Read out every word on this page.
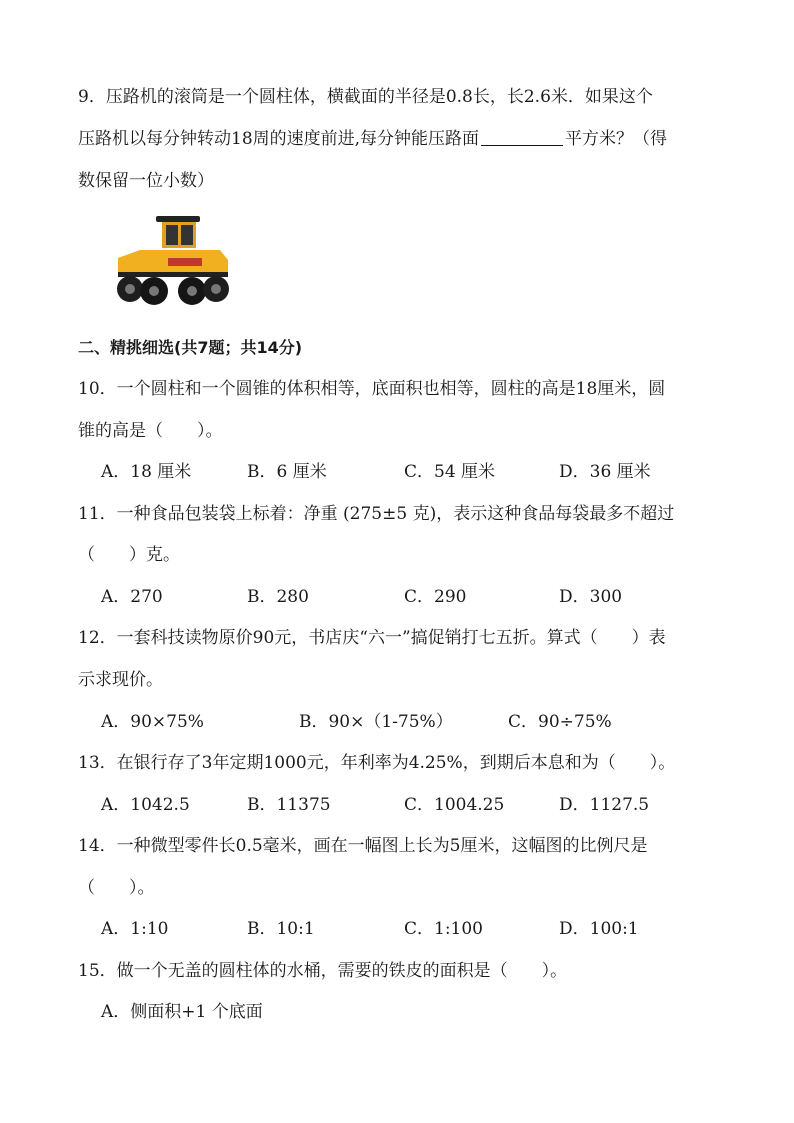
9．压路机的滚筒是一个圆柱体，横截面的半径是0.8长，长2.6米．如果这个
压路机以每分钟转动18周的速度前进,每分钟能压路面	平方米？（得
数保留一位小数）
二、精挑细选(共7题；共14分)
10．一个圆柱和一个圆锥的体积相等，底面积也相等，圆柱的高是18厘米，圆
锥的高是（　　）。
A．18 厘米	B．6 厘米	C．54 厘米	D．36 厘米
11．一种食品包装袋上标着：净重 (275±5 克)，表示这种食品每袋最多不超过
（　　）克。
A．270	B．280	C．290	D．300
12．一套科技读物原价90元，书店庆“六一”搞促销打七五折。算式（　　）表
示求现价。
A．90×75%	B．90×（1-75%）	C．90÷75%
13．在银行存了3年定期1000元，年利率为4.25%，到期后本息和为（　　）。
A．1042.5	B．11375	C．1004.25	D．1127.5
14．一种微型零件长0.5毫米，画在一幅图上长为5厘米，这幅图的比例尺是
（　　）。
A．1:10	B．10:1	C．1:100	D．100:1
15．做一个无盖的圆柱体的水桶，需要的铁皮的面积是（　　）。
A．侧面积+1 个底面
